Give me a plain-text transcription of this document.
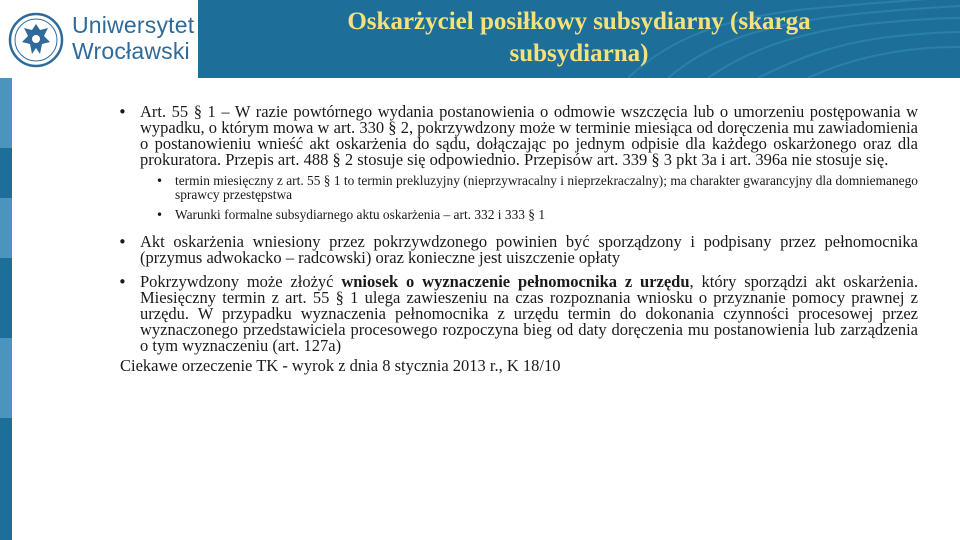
Uniwersytet
Wrocławski
Oskarżyciel posiłkowy subsydiarny (skarga
subsydiarna)

• Art. 55 § 1 – W razie powtórnego wydania postanowienia o odmowie wszczęcia lub o umorzeniu postępowania w wypadku, o którym mowa w art. 330 § 2, pokrzywdzony może w terminie miesiąca od doręczenia mu zawiadomienia o postanowieniu wnieść akt oskarżenia do sądu, dołączając po jednym odpisie dla każdego oskarżonego oraz dla prokuratora. Przepis art. 488 § 2 stosuje się odpowiednio. Przepisów art. 339 § 3 pkt 3a i art. 396a nie stosuje się.

• termin miesięczny z art. 55 § 1 to termin prekluzyjny (nieprzywracalny i nieprzekraczalny); ma charakter gwarancyjny dla domniemanego sprawcy przestępstwa

• Warunki formalne subsydiarnego aktu oskarżenia – art. 332 i 333 § 1

• Akt oskarżenia wniesiony przez pokrzywdzonego powinien być sporządzony i podpisany przez pełnomocnika (przymus adwokacko – radcowski) oraz konieczne jest uiszczenie opłaty

• Pokrzywdzony może złożyć wniosek o wyznaczenie pełnomocnika z urzędu, który sporządzi akt oskarżenia. Miesięczny termin z art. 55 § 1 ulega zawieszeniu na czas rozpoznania wniosku o przyznanie pomocy prawnej z urzędu. W przypadku wyznaczenia pełnomocnika z urzędu termin do dokonania czynności procesowej przez wyznaczonego przedstawiciela procesowego rozpoczyna bieg od daty doręczenia mu postanowienia lub zarządzenia o tym wyznaczeniu (art. 127a)

Ciekawe orzeczenie TK - wyrok z dnia 8 stycznia 2013 r., K 18/10
